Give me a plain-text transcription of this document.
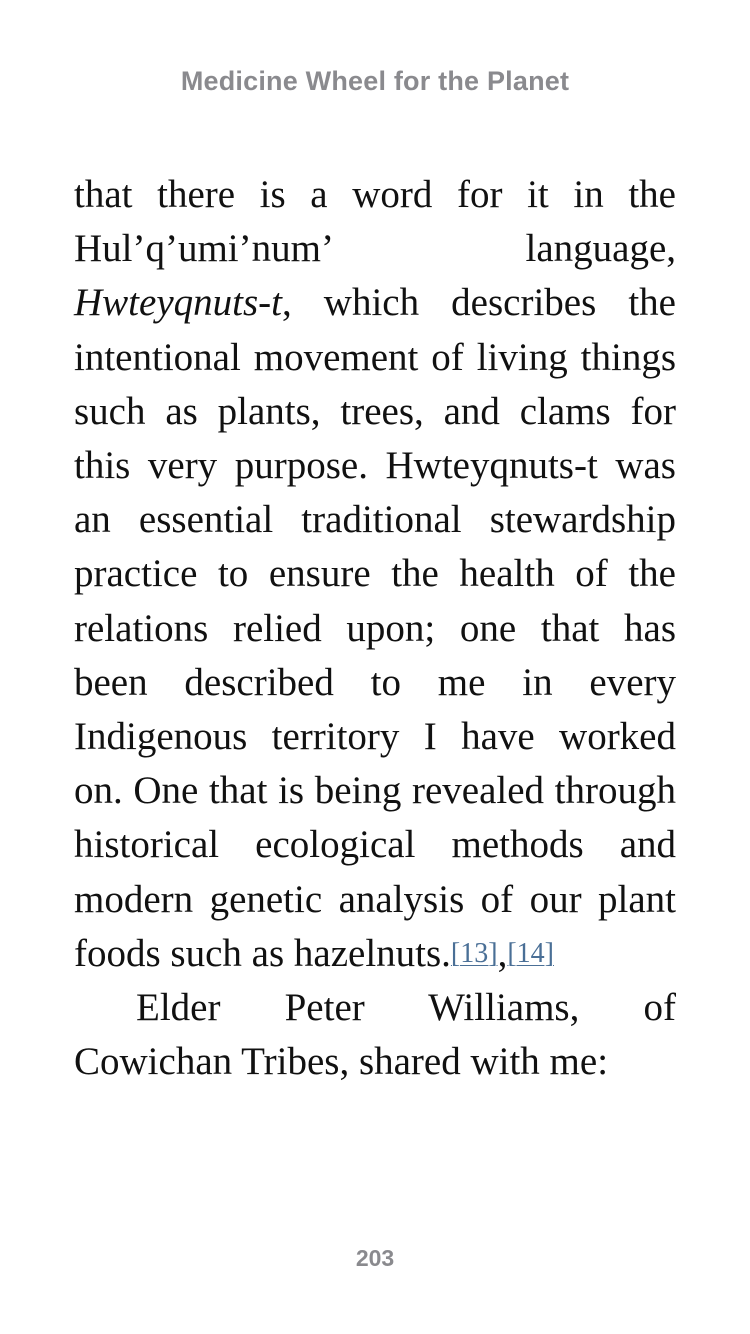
Medicine Wheel for the Planet

that there is a word for it in the Hul’q’umi’num’ language, Hwteyqnuts-t, which describes the intentional movement of living things such as plants, trees, and clams for this very purpose. Hwteyqnuts-t was an essential traditional stewardship practice to ensure the health of the relations relied upon; one that has been described to me in every Indigenous territory I have worked on. One that is being revealed through historical ecological methods and modern genetic analysis of our plant foods such as hazelnuts.[13],[14]

Elder Peter Williams, of Cowichan Tribes, shared with me:

203
